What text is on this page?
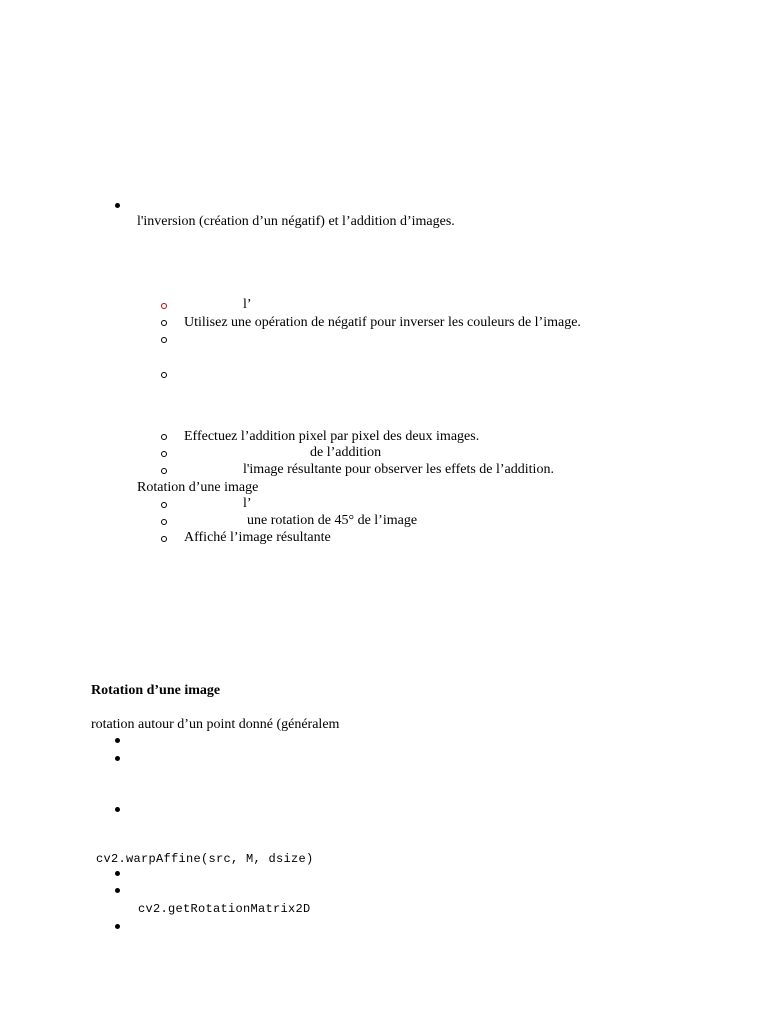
l'inversion (création d’un négatif) et l’addition d’images.
l’
Utilisez une opération de négatif pour inverser les couleurs de l’image.
Effectuez l’addition pixel par pixel des deux images.
de l’addition
l'image résultante pour observer les effets de l’addition.
Rotation d’une image
l’
une rotation de 45° de l’image
Affiché l’image résultante
Rotation d’une image
rotation autour d’un point donné (généralem
cv2.warpAffine(src, M, dsize)
cv2.getRotationMatrix2D
